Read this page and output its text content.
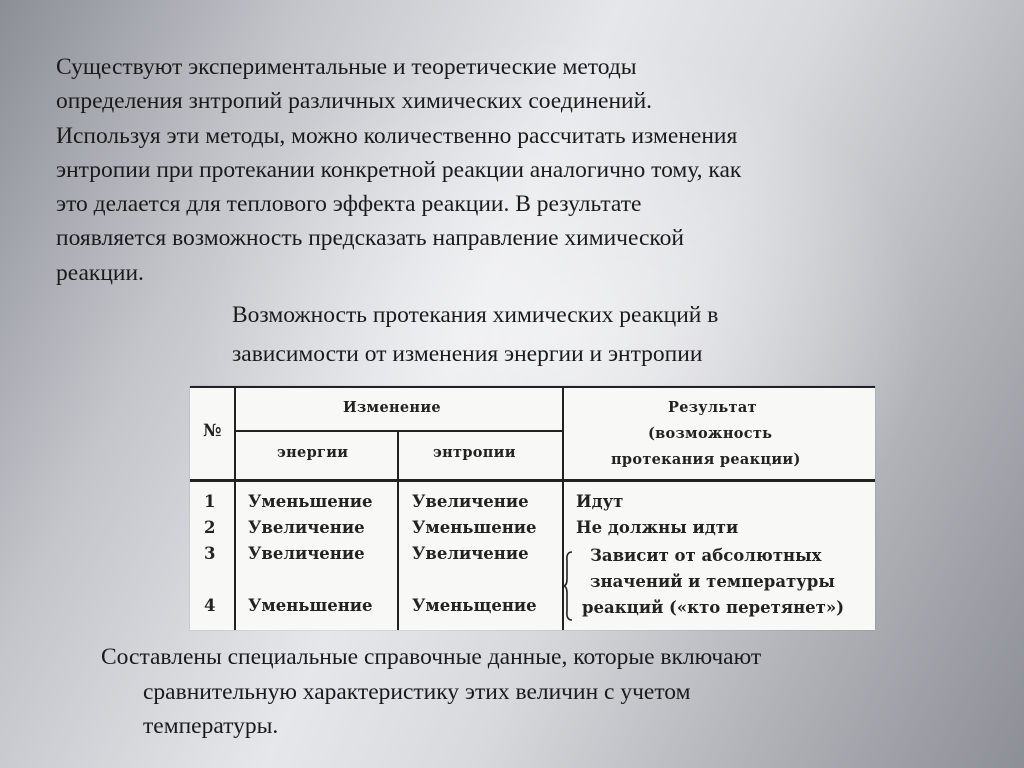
Существуют экспериментальные и теоретические методы
определения знтропий различных химических соединений.
Используя эти методы, можно количественно рассчитать изменения
энтропии при протекании конкретной реакции аналогично тому, как
это делается для теплового эффекта реакции. В результате
появляется возможность предсказать направление химической
реакции.
Возможность протекания химических реакций в
зависимости от изменения энергии и энтропии
№
Изменение
энергии	энтропии
Результат
(возможность
протекания реакции)
1
2
3
4
Уменьшение
Увеличение
Увеличение
Уменьшение
Увеличение
Уменьшение
Увеличение
Уменьщение
Идут
Не должны идти
Зависит от абсолютных
значений и температуры
реакций («кто перетянет»)
Составлены специальные справочные данные, которые включают
сравнительную характеристику этих величин с учетом
температуры.
